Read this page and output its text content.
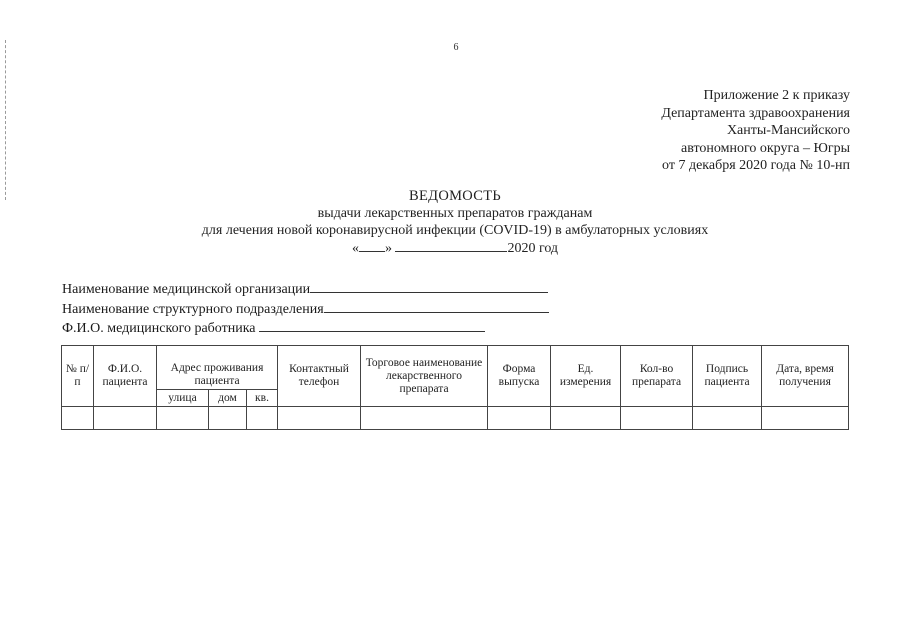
6
Приложение 2 к приказу
Департамента здравоохранения
Ханты-Мансийского
автономного округа – Югры
от 7 декабря 2020 года № 10-нп
ВЕДОМОСТЬ
выдачи лекарственных препаратов гражданам
для лечения новой коронавирусной инфекции (COVID-19) в амбулаторных условиях
« »	2020 год
Наименование медицинской организации
Наименование структурного подразделения
Ф.И.О. медицинского работника
№ п/п	Ф.И.О. пациента	Адрес проживания пациента			Контактный телефон	Торговое наименование лекарственного препарата	Форма выпуска	Ед. измерения	Кол-во препарата	Подпись пациента	Дата, время получения
		улица	дом	кв.							
